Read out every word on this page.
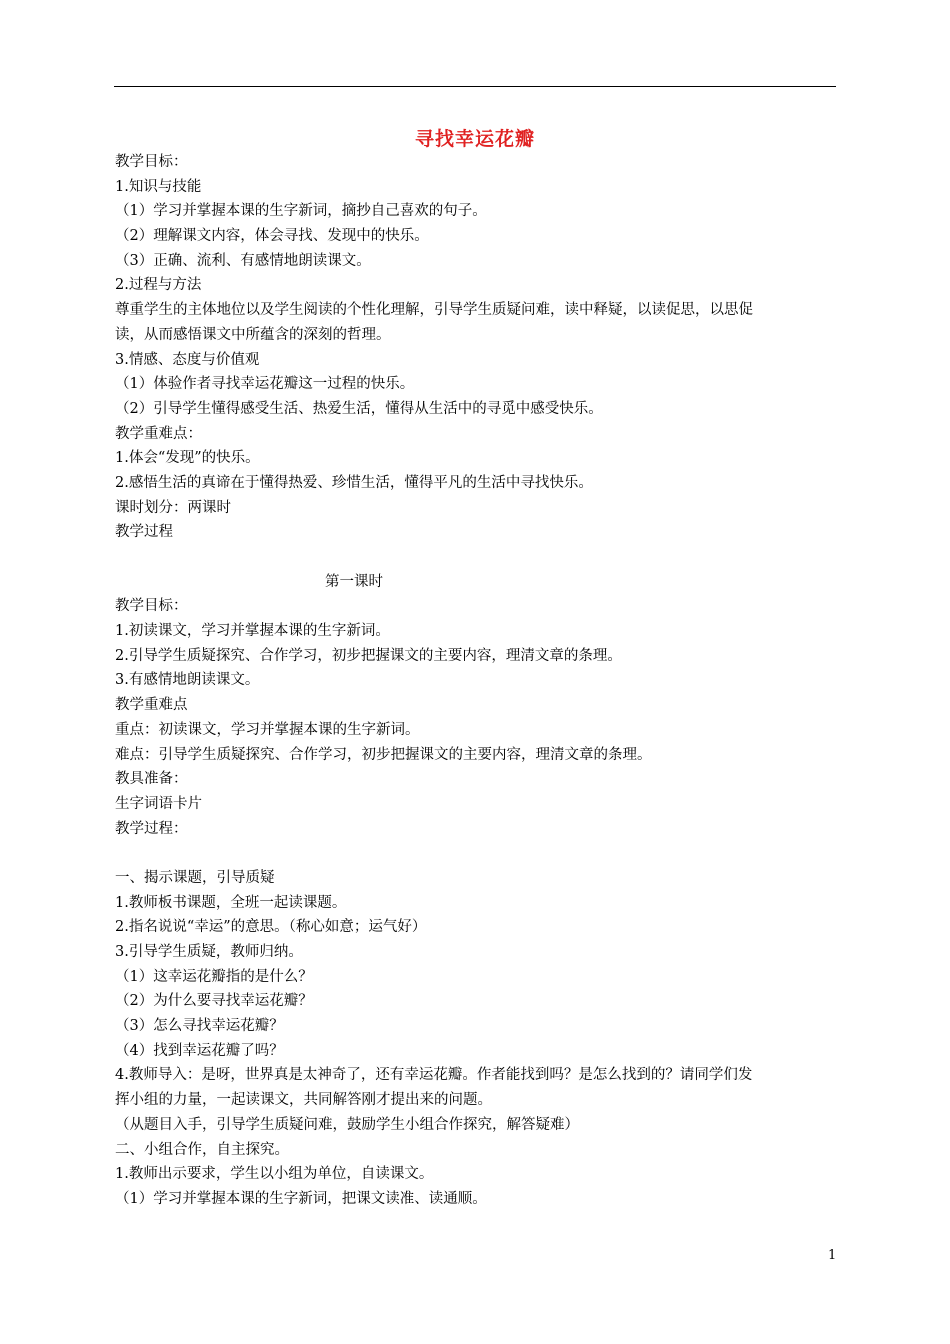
寻找幸运花瓣
教学目标：
1.知识与技能
（1）学习并掌握本课的生字新词，摘抄自己喜欢的句子。
（2）理解课文内容，体会寻找、发现中的快乐。
（3）正确、流利、有感情地朗读课文。
2.过程与方法
尊重学生的主体地位以及学生阅读的个性化理解，引导学生质疑问难，读中释疑，以读促思，以思促
读，从而感悟课文中所蕴含的深刻的哲理。
3.情感、态度与价值观
（1）体验作者寻找幸运花瓣这一过程的快乐。
（2）引导学生懂得感受生活、热爱生活，懂得从生活中的寻觅中感受快乐。
教学重难点：
1.体会“发现”的快乐。
2.感悟生活的真谛在于懂得热爱、珍惜生活，懂得平凡的生活中寻找快乐。
课时划分：两课时
教学过程
第一课时
教学目标：
1.初读课文，学习并掌握本课的生字新词。
2.引导学生质疑探究、合作学习，初步把握课文的主要内容，理清文章的条理。
3.有感情地朗读课文。
教学重难点
重点：初读课文，学习并掌握本课的生字新词。
难点：引导学生质疑探究、合作学习，初步把握课文的主要内容，理清文章的条理。
教具准备：
生字词语卡片
教学过程：
一、揭示课题，引导质疑
1.教师板书课题，全班一起读课题。
2.指名说说“幸运”的意思。（称心如意；运气好）
3.引导学生质疑，教师归纳。
（1）这幸运花瓣指的是什么？
（2）为什么要寻找幸运花瓣？
（3）怎么寻找幸运花瓣？
（4）找到幸运花瓣了吗？
4.教师导入：是呀，世界真是太神奇了，还有幸运花瓣。作者能找到吗？是怎么找到的？请同学们发
挥小组的力量，一起读课文，共同解答刚才提出来的问题。
（从题目入手，引导学生质疑问难，鼓励学生小组合作探究，解答疑难）
二、小组合作，自主探究。
1.教师出示要求，学生以小组为单位，自读课文。
（1）学习并掌握本课的生字新词，把课文读准、读通顺。
1
